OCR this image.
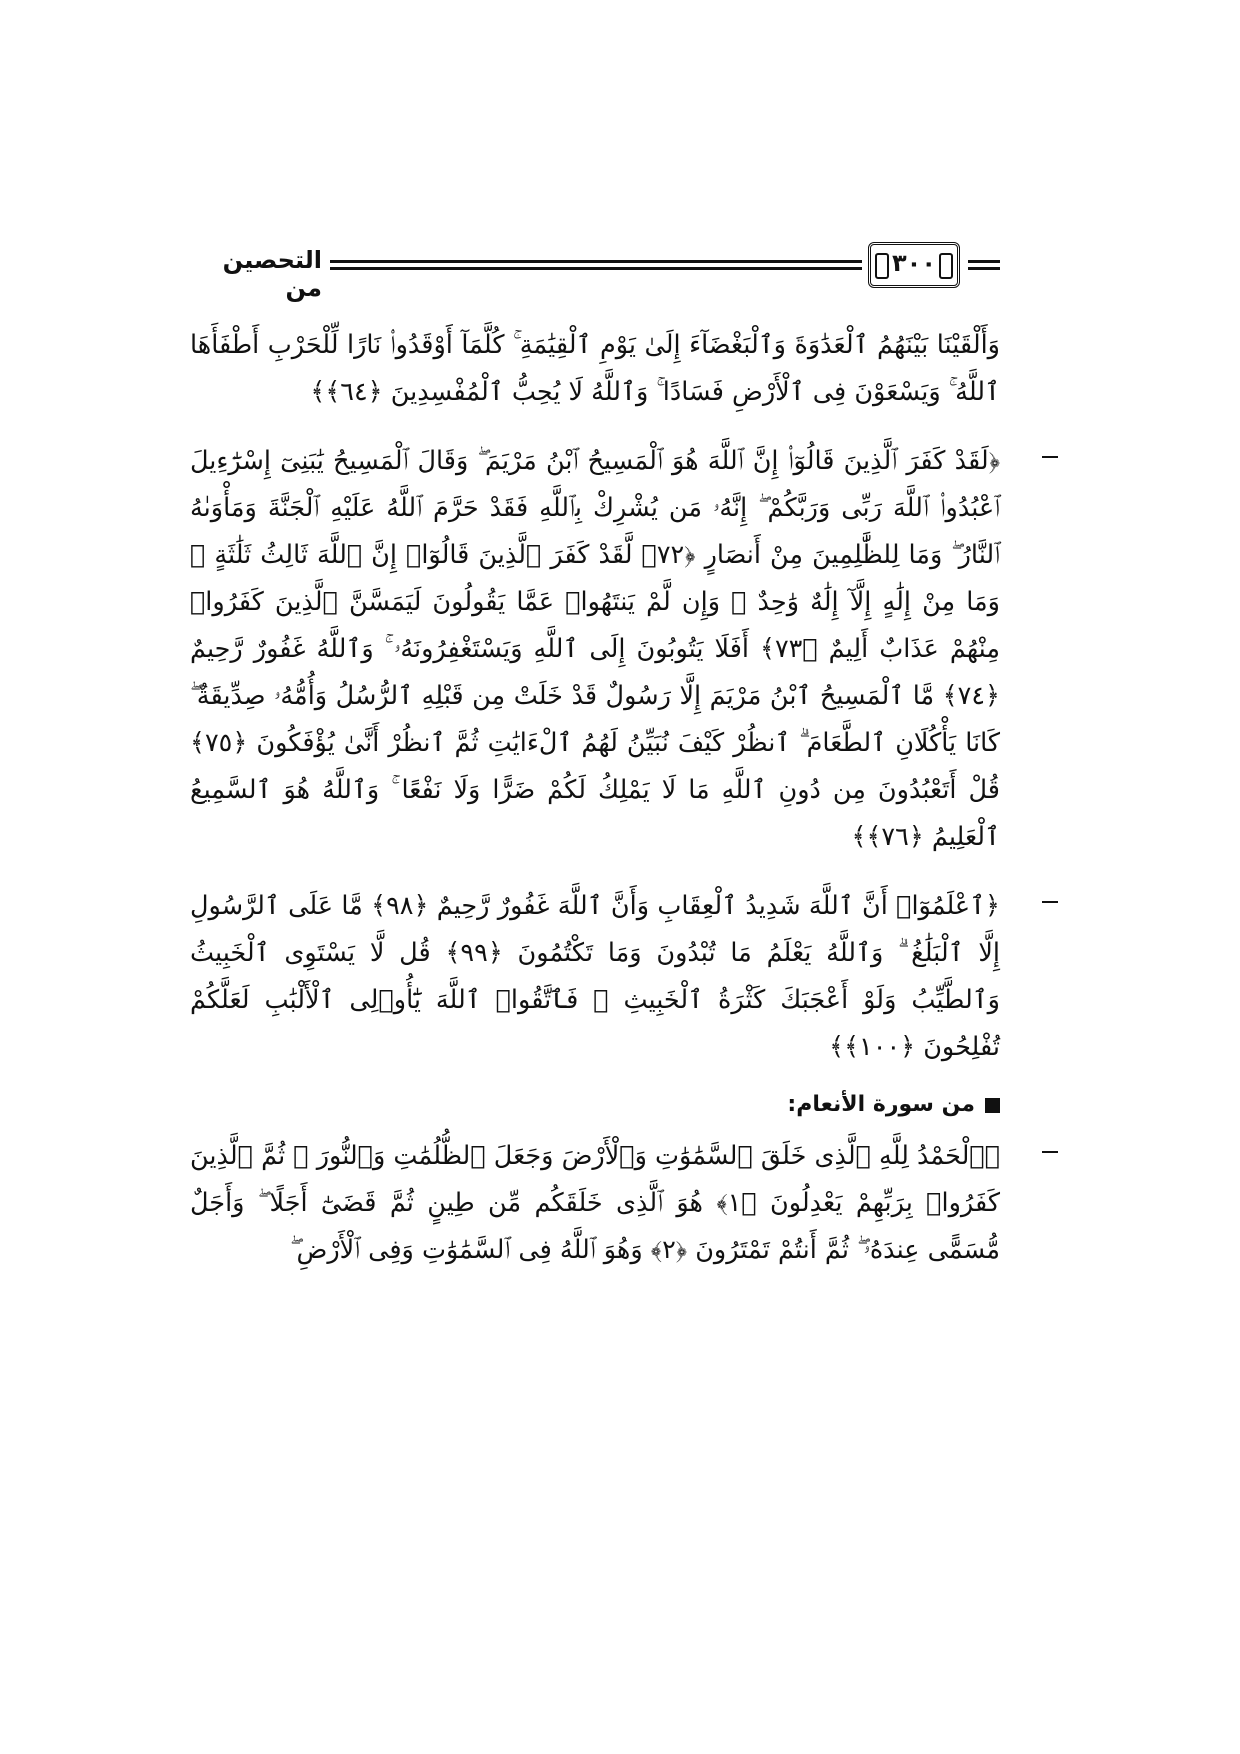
التحصين من
٣٠٠

وَأَلْقَيْنَا بَيْنَهُمُ ٱلْعَدَٰوَةَ وَٱلْبَغْضَآءَ إِلَىٰ يَوْمِ ٱلْقِيَٰمَةِ ۚ كُلَّمَآ أَوْقَدُوا۟ نَارًا لِّلْحَرْبِ أَطْفَأَهَا ٱللَّهُ ۚ وَيَسْعَوْنَ فِى ٱلْأَرْضِ فَسَادًا ۚ وَٱللَّهُ لَا يُحِبُّ ٱلْمُفْسِدِينَ ﴿٦٤﴾﴾

﴿لَقَدْ كَفَرَ ٱلَّذِينَ قَالُوٓا۟ إِنَّ ٱللَّهَ هُوَ ٱلْمَسِيحُ ٱبْنُ مَرْيَمَ ۖ وَقَالَ ٱلْمَسِيحُ يَٰبَنِىٓ إِسْرَٰٓءِيلَ ٱعْبُدُوا۟ ٱللَّهَ رَبِّى وَرَبَّكُمْ ۖ إِنَّهُۥ مَن يُشْرِكْ بِٱللَّهِ فَقَدْ حَرَّمَ ٱللَّهُ عَلَيْهِ ٱلْجَنَّةَ وَمَأْوَىٰهُ ٱلنَّارُ ۖ وَمَا لِلظَّٰلِمِينَ مِنْ أَنصَارٍ ﴿٧٢﴾ لَّقَدْ كَفَرَ ٱلَّذِينَ قَالُوٓا۟ إِنَّ ٱللَّهَ ثَالِثُ ثَلَٰثَةٍ ۘ وَمَا مِنْ إِلَٰهٍ إِلَّآ إِلَٰهٌ وَٰحِدٌ ۚ وَإِن لَّمْ يَنتَهُوا۟ عَمَّا يَقُولُونَ لَيَمَسَّنَّ ٱلَّذِينَ كَفَرُوا۟ مِنْهُمْ عَذَابٌ أَلِيمٌ ﴿٧٣﴾ أَفَلَا يَتُوبُونَ إِلَى ٱللَّهِ وَيَسْتَغْفِرُونَهُۥ ۚ وَٱللَّهُ غَفُورٌ رَّحِيمٌ ﴿٧٤﴾ مَّا ٱلْمَسِيحُ ٱبْنُ مَرْيَمَ إِلَّا رَسُولٌ قَدْ خَلَتْ مِن قَبْلِهِ ٱلرُّسُلُ وَأُمُّهُۥ صِدِّيقَةٌ ۖ كَانَا يَأْكُلَانِ ٱلطَّعَامَ ۗ ٱنظُرْ كَيْفَ نُبَيِّنُ لَهُمُ ٱلْءَايَٰتِ ثُمَّ ٱنظُرْ أَنَّىٰ يُؤْفَكُونَ ﴿٧٥﴾ قُلْ أَتَعْبُدُونَ مِن دُونِ ٱللَّهِ مَا لَا يَمْلِكُ لَكُمْ ضَرًّا وَلَا نَفْعًا ۚ وَٱللَّهُ هُوَ ٱلسَّمِيعُ ٱلْعَلِيمُ ﴿٧٦﴾﴾

﴿ٱعْلَمُوٓا۟ أَنَّ ٱللَّهَ شَدِيدُ ٱلْعِقَابِ وَأَنَّ ٱللَّهَ غَفُورٌ رَّحِيمٌ ﴿٩٨﴾ مَّا عَلَى ٱلرَّسُولِ إِلَّا ٱلْبَلَٰغُ ۗ وَٱللَّهُ يَعْلَمُ مَا تُبْدُونَ وَمَا تَكْتُمُونَ ﴿٩٩﴾ قُل لَّا يَسْتَوِى ٱلْخَبِيثُ وَٱلطَّيِّبُ وَلَوْ أَعْجَبَكَ كَثْرَةُ ٱلْخَبِيثِ ۚ فَٱتَّقُوا۟ ٱللَّهَ يَٰٓأُو۟لِى ٱلْأَلْبَٰبِ لَعَلَّكُمْ تُفْلِحُونَ ﴿١٠٠﴾﴾

من سورة الأنعام:

﴿ٱلْحَمْدُ لِلَّهِ ٱلَّذِى خَلَقَ ٱلسَّمَٰوَٰتِ وَٱلْأَرْضَ وَجَعَلَ ٱلظُّلُمَٰتِ وَٱلنُّورَ ۖ ثُمَّ ٱلَّذِينَ كَفَرُوا۟ بِرَبِّهِمْ يَعْدِلُونَ ﴿١﴾ هُوَ ٱلَّذِى خَلَقَكُم مِّن طِينٍ ثُمَّ قَضَىٰٓ أَجَلًا ۖ وَأَجَلٌ مُّسَمًّى عِندَهُۥ ۖ ثُمَّ أَنتُمْ تَمْتَرُونَ ﴿٢﴾ وَهُوَ ٱللَّهُ فِى ٱلسَّمَٰوَٰتِ وَفِى ٱلْأَرْضِ ۖ
